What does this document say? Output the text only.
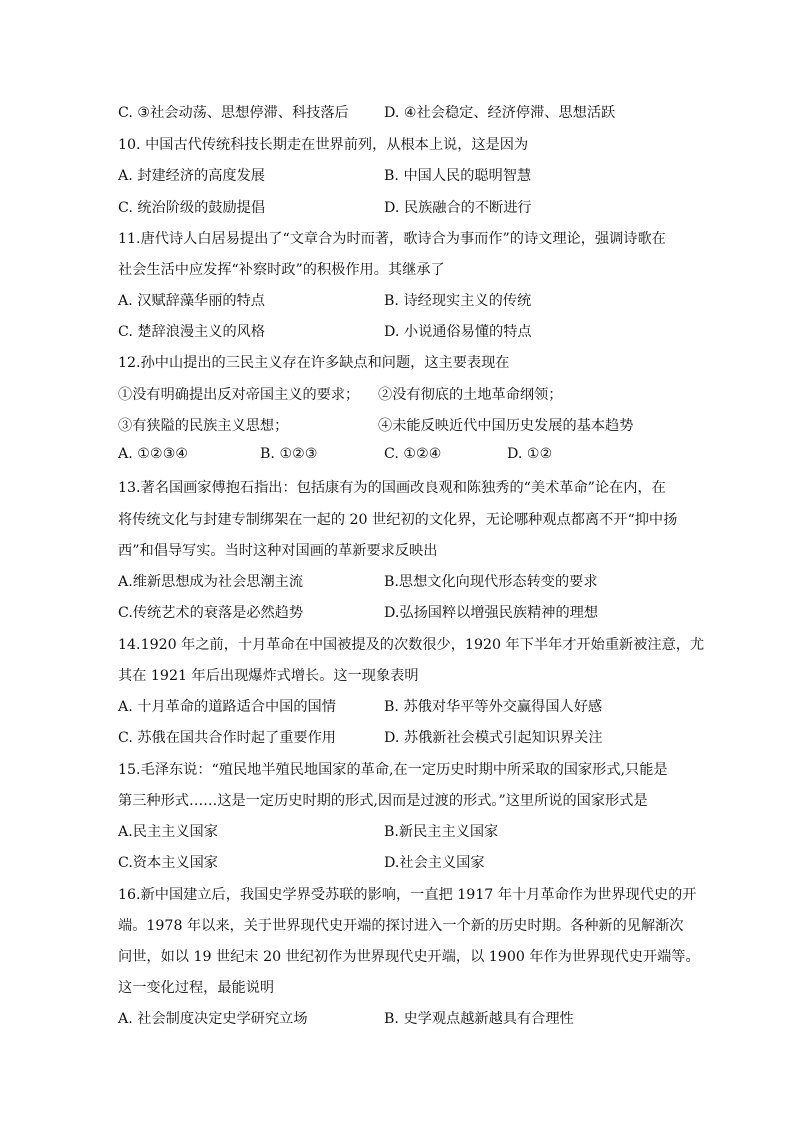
C. ③社会动荡、思想停滞、科技落后 D. ④社会稳定、经济停滞、思想活跃
10. 中国古代传统科技长期走在世界前列，从根本上说，这是因为
A. 封建经济的高度发展	B. 中国人民的聪明智慧
C. 统治阶级的鼓励提倡	D. 民族融合的不断进行
11.唐代诗人白居易提出了“文章合为时而著，歌诗合为事而作”的诗文理论，强调诗歌在
社会生活中应发挥“补察时政”的积极作用。其继承了
A. 汉赋辞藻华丽的特点	B. 诗经现实主义的传统
C. 楚辞浪漫主义的风格	D. 小说通俗易懂的特点
12.孙中山提出的三民主义存在许多缺点和问题，这主要表现在
①没有明确提出反对帝国主义的要求； ②没有彻底的土地革命纲领；
③有狭隘的民族主义思想；	④未能反映近代中国历史发展的基本趋势
A. ①②③④	B. ①②③	C. ①②④	D. ①②
13.著名国画家傅抱石指出：包括康有为的国画改良观和陈独秀的“美术革命”论在内，在
将传统文化与封建专制绑架在一起的 20 世纪初的文化界，无论哪种观点都离不开“抑中扬
西”和倡导写实。当时这种对国画的革新要求反映出
A.维新思想成为社会思潮主流	B.思想文化向现代形态转变的要求
C.传统艺术的衰落是必然趋势	D.弘扬国粹以增强民族精神的理想
14.1920 年之前，十月革命在中国被提及的次数很少，1920 年下半年才开始重新被注意，尤
其在 1921 年后出现爆炸式增长。这一现象表明
A. 十月革命的道路适合中国的国情	B. 苏俄对华平等外交赢得国人好感
C. 苏俄在国共合作时起了重要作用	D. 苏俄新社会模式引起知识界关注
15.毛泽东说：“殖民地半殖民地国家的革命,在一定历史时期中所采取的国家形式,只能是
第三种形式……这是一定历史时期的形式,因而是过渡的形式。”这里所说的国家形式是
A.民主主义国家	B.新民主主义国家
C.资本主义国家	D.社会主义国家
16.新中国建立后，我国史学界受苏联的影响，一直把 1917 年十月革命作为世界现代史的开
端。1978 年以来，关于世界现代史开端的探讨进入一个新的历史时期。各种新的见解渐次
问世，如以 19 世纪末 20 世纪初作为世界现代史开端，以 1900 年作为世界现代史开端等。
这一变化过程，最能说明
A. 社会制度决定史学研究立场	B. 史学观点越新越具有合理性
